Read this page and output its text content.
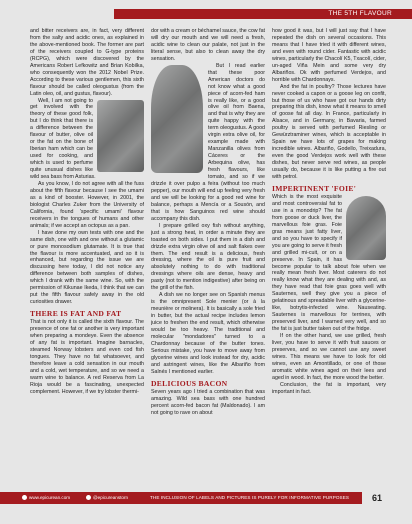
THE 5TH FLAVOUR

and bitter receivers are, in fact, very different from the salty and acidic ones, as explained in the above-mentioned book. The former are part of the receivers coupled to G-type proteins (RCPG), which were discovered by the Americans Robert Lefkowitz and Brian Kobilka, who consequently won the 2012 Nobel Prize. According to these various gentlemen, this sixth flavour should be called oleogustus (from the Latin oleo, oil, and gustus, flavour).

Well, I am not going to get involved with the theory of these good folk, but I do think that there is a difference between the flavour of butter, olive oil or the fat on the bone of Iberian ham which can be used for cooking, and which is used to perfume quite unusual dishes like wild sea bass from Asturias.

As you know, I do not agree with all the fuss about the fifth flavour because I see the umami as a kind of booster. However, in 2001, the biologist Charles Zuker from the University of California, found 'specific umami' flavour receivers in the tongues of humans and other animals; if we accept an octopus as a pan.

I have done my own tests with one and the same dish, one with and one without a glutamic or pure monosodium glutamate. It is true that the flavour is more accentuated, and so it is enhanced, but regarding the issue we are discussing here today, I did not notice any difference between both samples of dishes, which I drank with the same wine. So, with the permission of Kikunae Ikeda, I think that we can put the fifth flavour safely away in the old curiosities drawer.

THERE IS FAT AND FAT

That is not only it is called the sixth flavour. The presence of one fat or another is very important when preparing a mondeye. Even the absence of any fat is important. Imagine barnacles, steamed Norway lobsters and even cod fish tongues. They have no fat whatsoever, and therefore leave a cold sensation in our mouth and a cold, wet temperature, and so we need a warm wine to balance. A red Reserva from La Rioja would be a fascinating, unexpected complement. However, if we try lobster thermi-

dor with a cream or béchamel sauce, the cow fat will dry our mouth and we will need a fresh, acidic wine to clean our palate, not just in the literal sense, but also to clean away the dry sensation.

But I read earlier that these poor American doctors do not know what a good piece of acorn-fed ham is really like, or a good olive oil from Baena, and that is why they are quite happy with the term oleogustus. A good virgin extra olive oil, for example made with Manzanilla olives from Cáceres or the Arbequina olive, has fresh flavours, like tomato, and so if we drizzle it over pulpo a feira (without too much pepper), our mouth will end up feeling very fresh and we will be looking for a good red wine for balance, perhaps a Mencía or a Sousón, and that is how Sanguinos red wine should accompany this dish.

I prepare grilled oxy fish without anything, just a strong heat, in order a minute they are toasted on both sides. I put them in a dish and drizzle extra virgin olive oil and salt flakes over them. The end result is a delicious, fresh dressing, where the oil is pure fruit and absolutely nothing to do with traditional dressings where oils are dense, heavy and pasty (not to mention indigestive) after being on the grill of the fish.

A dish we no longer see on Spanish menus is the omnipresent Sole menier (or à la meunière or molinera). It is basically a sole fried in butter, but the actual recipe includes lemon juice to freshen the end result, which otherwise would be too heavy. The traditional and molecular "mondadores" turned to a Chardonnay because of the butter tones. Serious mistake, you have to move away from glycerine wines and look instead for dry, acidic and astringent wines, like the Albariño from Salnés I mentioned earlier.

DELICIOUS BACON

Seven years ago I tried a combination that was amazing. Wild sea bass with one hundred percent acorn-fed bacon fat (Maldonado). I am not going to rave on about

how good it was, but I will just say that I have repeated the dish on several occasions. This means that I have tried it with different wines, and even with round cider. Fantastic with acidic wines, particularly the Chacolí K5, Txacolí, cider, un-aged Viña Mein and some very dry Albariños. Ok with perfumed Verdejos, and horrible with Chardonnays.

And the fat in poultry? Those lectures have never cooked a capon or a goose leg on confit, but those of us who have got our hands dirty preparing this dish, know what it means to smell of goose fat all day. In France, particularly in Alsace, and in Germany, in Bavaria, farmed poultry is served with perfumed Riesling or Gewürztraminer wines, which is acceptable in Spain we have lots of grapes for making incredible wines. Albariño, Godello, Treixadura, even the good Verdejos work well with these dishes, but never serve red wines, as people usually do, because it is like putting a fire out with petrol.

IMPERTINENT 'FOIE'

Which is the most exquisite and most controversial fat to use in a monodrip? The fat from goose or duck liver, the marvellous foie gras. Foie gras means just fatty liver, and so you have to specify if you are going to serve it fresh and grilled mi-cuit, or on a preserve. In Spain, it has become popular to talk about foie when we really mean fresh liver. Most caterers do not really know what they are dealing with and, as they have read that foie gras goes well with Sauternes, well they give you a piece of gelatinous and spreadable liver with a glycerine-like, botrytis-infected wine. Nauseating. Sauternes is marvellous for terrines, with preserved liver, and I warned very well, and so the fat is just butter taken out of the fridge.

If on the other hand, we use grilled, fresh liver, you have to serve it with fruit sauces or preserves, and so we cannot use any sweet wines. This means we have to look for old wines, even an Amontillado, or one of those aromatic white wines aged on their lees and aged in wood. In fact, the more wood the better.

Conclusion, the fat is important, very important in fact.

www.epicurean.com	@epicureanstorn	THE INCLUSION OF LABELS AND PICTURES IS PURELY FOR INFORMATIVE PURPOSES	61
